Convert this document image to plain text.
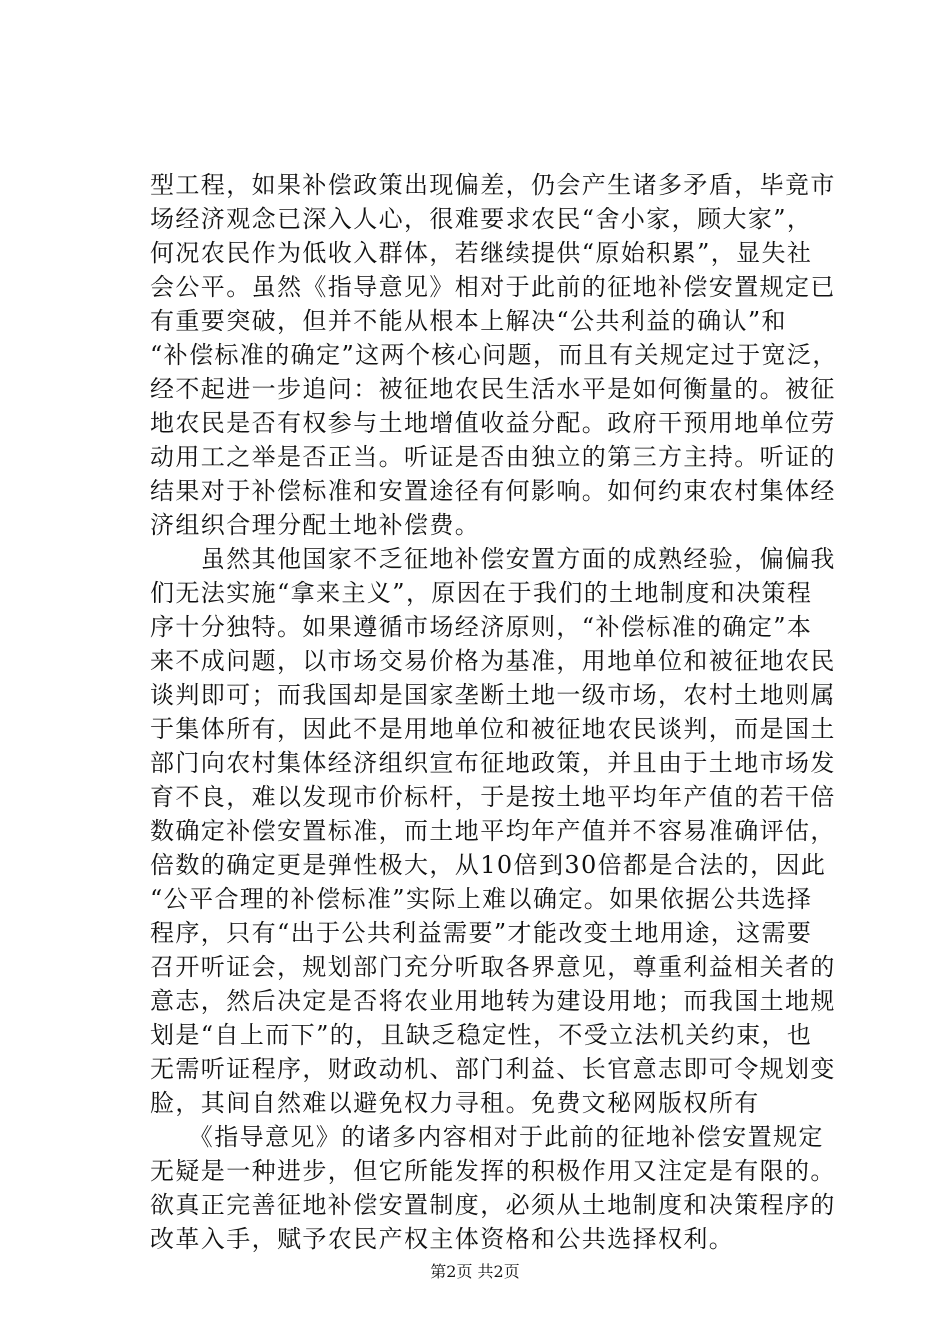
型工程，如果补偿政策出现偏差，仍会产生诸多矛盾，毕竟市
场经济观念已深入人心，很难要求农民“舍小家，顾大家”，
何况农民作为低收入群体，若继续提供“原始积累”，显失社
会公平。虽然《指导意见》相对于此前的征地补偿安置规定已
有重要突破，但并不能从根本上解决“公共利益的确认”和
“补偿标准的确定”这两个核心问题，而且有关规定过于宽泛，
经不起进一步追问：被征地农民生活水平是如何衡量的。被征
地农民是否有权参与土地增值收益分配。政府干预用地单位劳
动用工之举是否正当。听证是否由独立的第三方主持。听证的
结果对于补偿标准和安置途径有何影响。如何约束农村集体经
济组织合理分配土地补偿费。
　　虽然其他国家不乏征地补偿安置方面的成熟经验，偏偏我
们无法实施“拿来主义”，原因在于我们的土地制度和决策程
序十分独特。如果遵循市场经济原则，“补偿标准的确定”本
来不成问题，以市场交易价格为基准，用地单位和被征地农民
谈判即可；而我国却是国家垄断土地一级市场，农村土地则属
于集体所有，因此不是用地单位和被征地农民谈判，而是国土
部门向农村集体经济组织宣布征地政策，并且由于土地市场发
育不良，难以发现市价标杆，于是按土地平均年产值的若干倍
数确定补偿安置标准，而土地平均年产值并不容易准确评估，
倍数的确定更是弹性极大，从10倍到30倍都是合法的，因此
“公平合理的补偿标准”实际上难以确定。如果依据公共选择
程序，只有“出于公共利益需要”才能改变土地用途，这需要
召开听证会，规划部门充分听取各界意见，尊重利益相关者的
意志，然后决定是否将农业用地转为建设用地；而我国土地规
划是“自上而下”的，且缺乏稳定性，不受立法机关约束，也
无需听证程序，财政动机、部门利益、长官意志即可令规划变
脸，其间自然难以避免权力寻租。免费文秘网版权所有
　　《指导意见》的诸多内容相对于此前的征地补偿安置规定
无疑是一种进步，但它所能发挥的积极作用又注定是有限的。
欲真正完善征地补偿安置制度，必须从土地制度和决策程序的
改革入手，赋予农民产权主体资格和公共选择权利。
第2页 共2页
